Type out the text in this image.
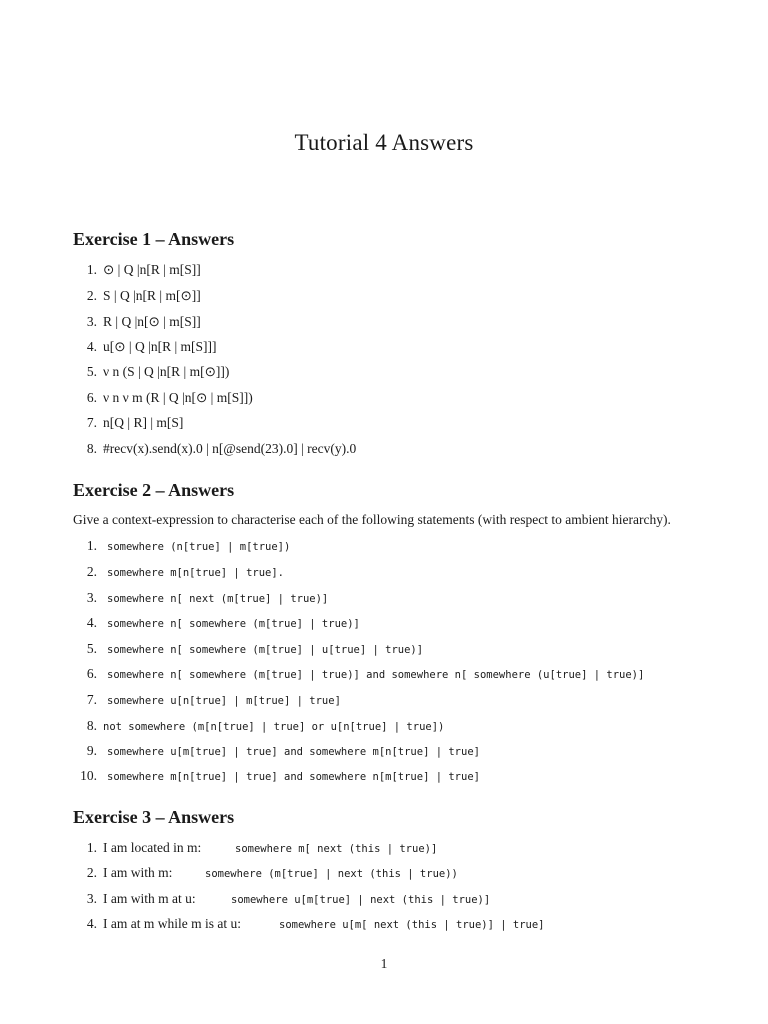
Tutorial 4 Answers
Exercise 1 – Answers
1. ⊙ | Q |n[R | m[S]]
2. S | Q |n[R | m[⊙]]
3. R | Q |n[⊙ | m[S]]
4. u[⊙ | Q |n[R | m[S]]]
5. ν n (S | Q |n[R | m[⊙]])
6. ν n ν m (R | Q |n[⊙ | m[S]])
7. n[Q | R] | m[S]
8. #recv(x).send(x).0 | n[@send(23).0] | recv(y).0
Exercise 2 – Answers
Give a context-expression to characterise each of the following statements (with respect to ambient hierarchy).
1. somewhere (n[true] | m[true])
2. somewhere m[n[true] | true].
3. somewhere n[ next (m[true] | true)]
4. somewhere n[ somewhere (m[true] | true)]
5. somewhere n[ somewhere (m[true] | u[true] | true)]
6. somewhere n[ somewhere (m[true] | true)] and somewhere n[ somewhere (u[true] | true)]
7. somewhere u[n[true] | m[true] | true]
8. not somewhere (m[n[true] | true] or u[n[true] | true])
9. somewhere u[m[true] | true] and somewhere m[n[true] | true]
10. somewhere m[n[true] | true] and somewhere n[m[true] | true]
Exercise 3 – Answers
1. I am located in m:	somewhere m[ next (this | true)]
2. I am with m:	somewhere (m[true] | next (this | true))
3. I am with m at u:	somewhere u[m[true] | next (this | true)]
4. I am at m while m is at u:	somewhere u[m[ next (this | true)] | true]
1
